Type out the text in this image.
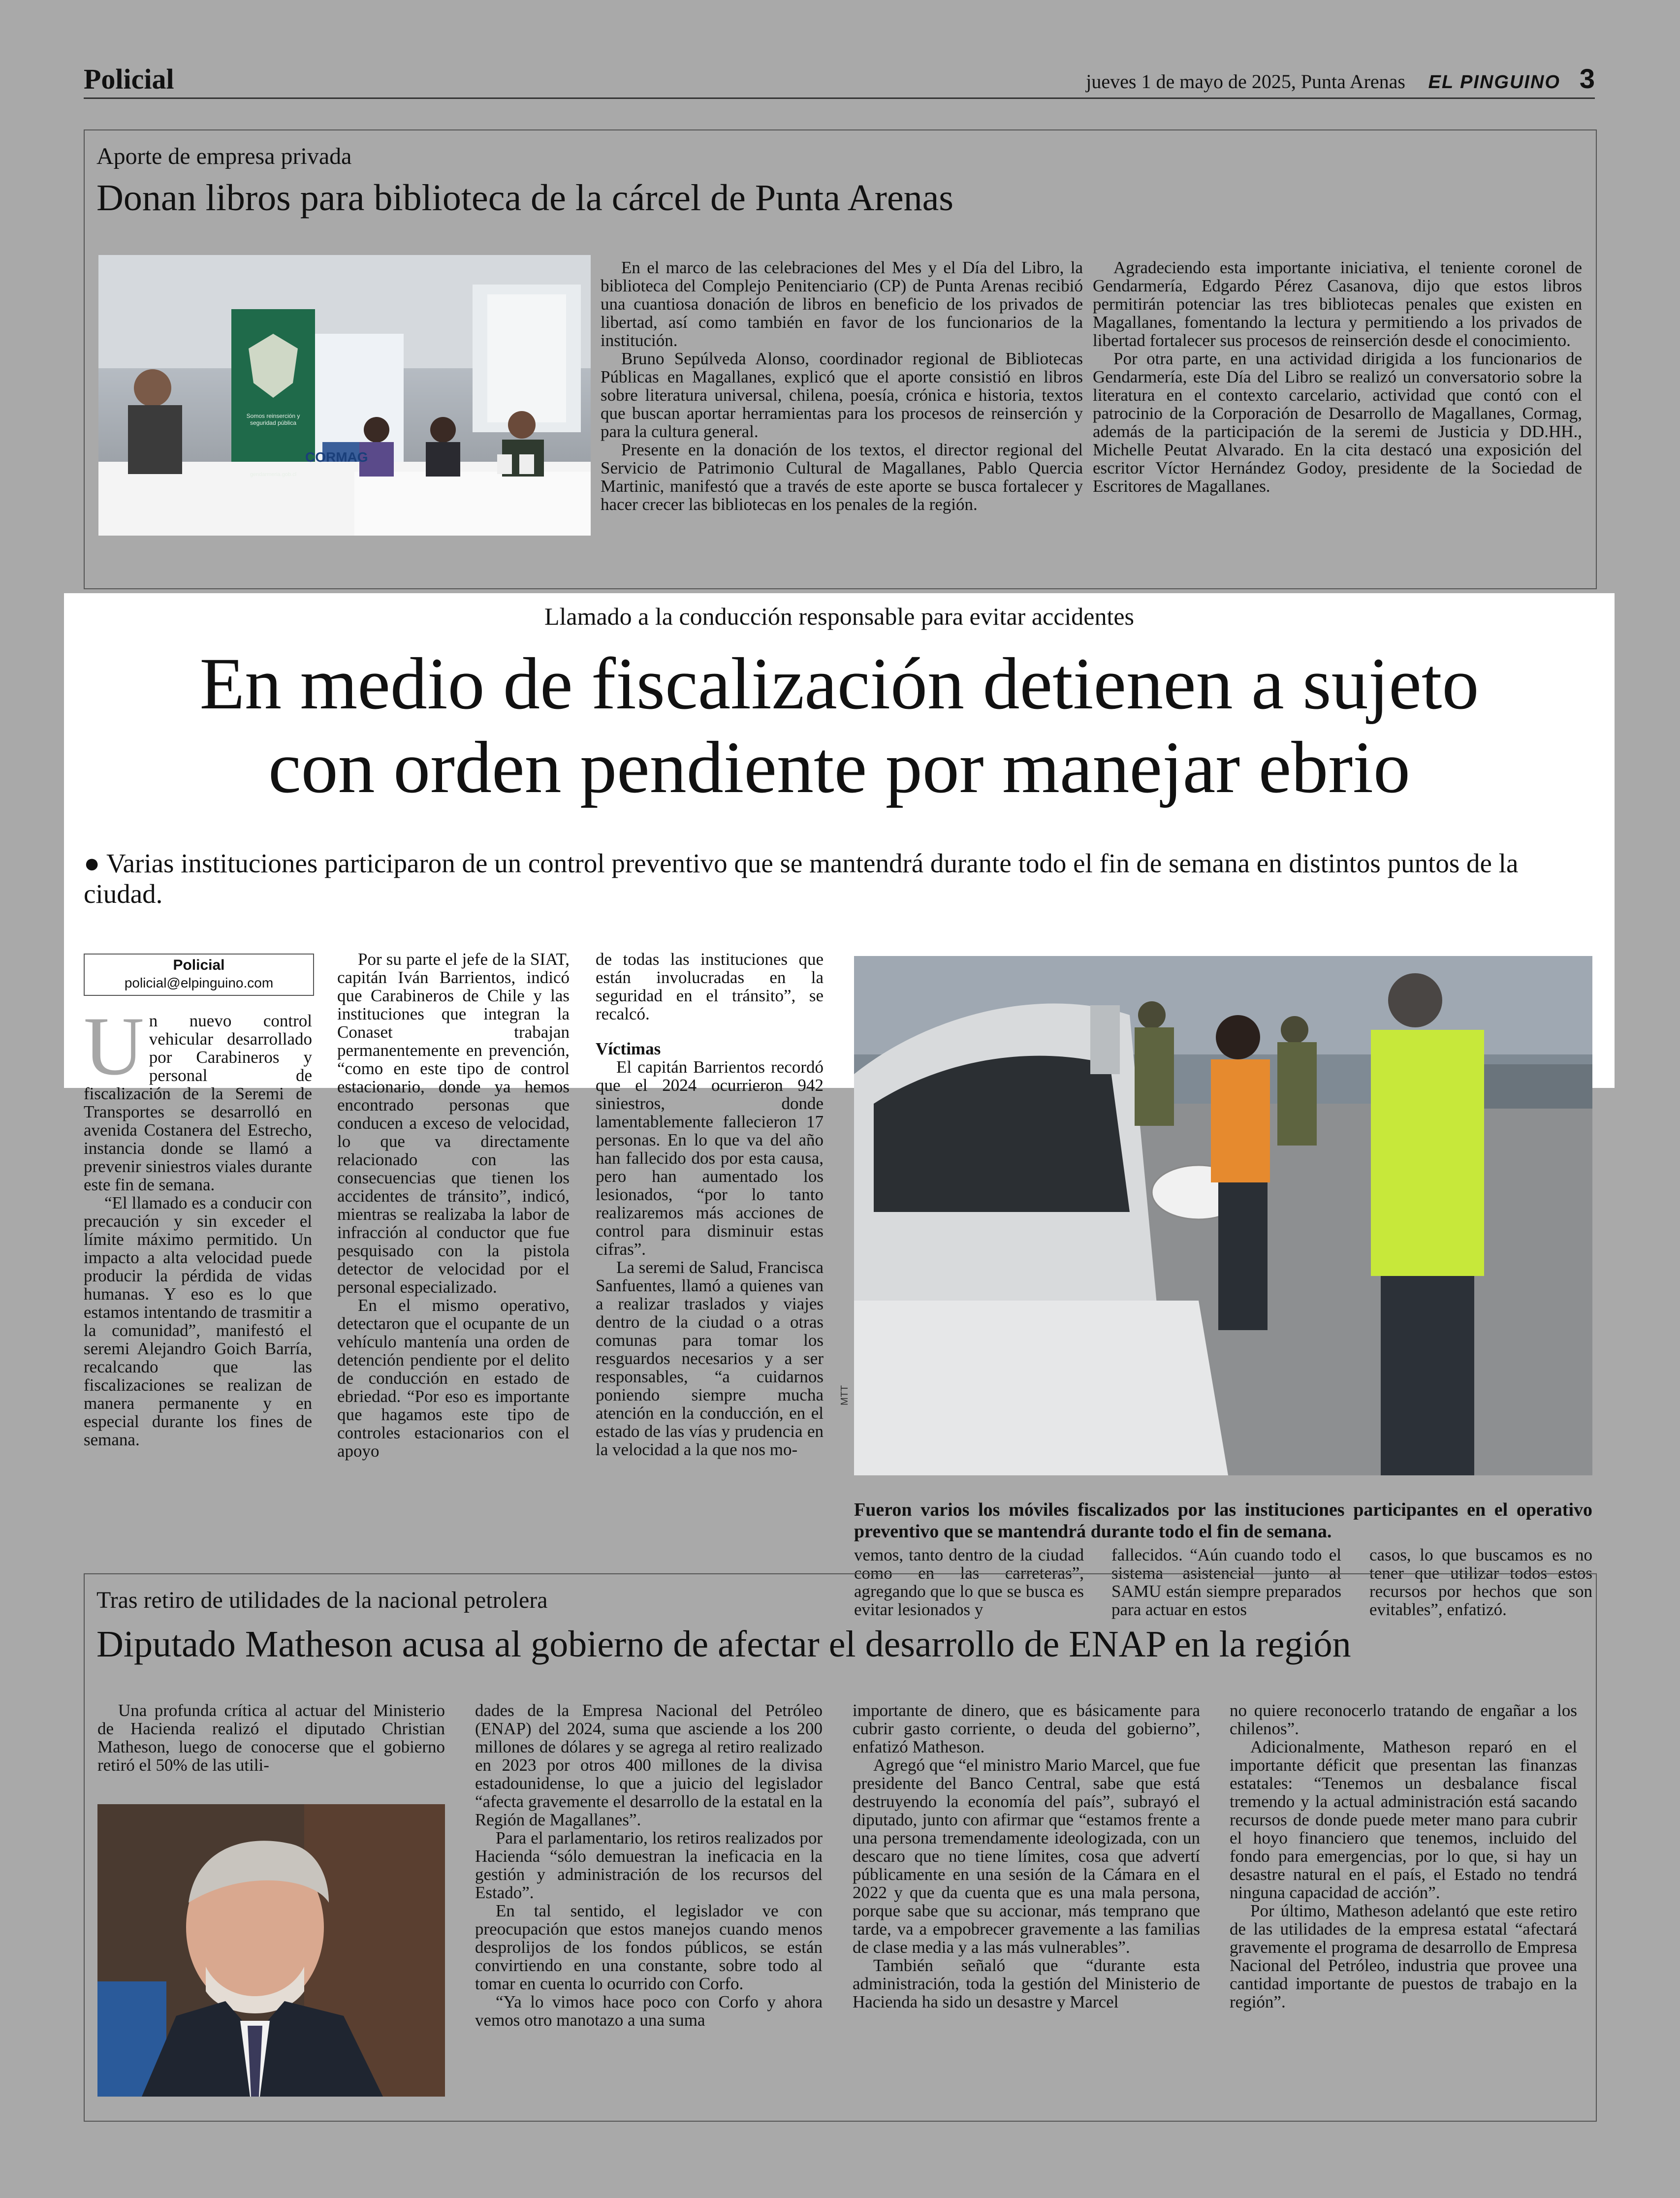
Policial	jueves 1 de mayo de 2025, Punta Arenas EL PINGUINO 3
Aporte de empresa privada
Donan libros para biblioteca de la cárcel de Punta Arenas
Somos reinserción y seguridad pública
gendarmeria.gob.cl
CORMAG

En el marco de las celebraciones del Mes y el Día del Libro, la biblioteca del Complejo Penitenciario (CP) de Punta Arenas recibió una cuantiosa donación de libros en beneficio de los privados de libertad, así como también en favor de los funcionarios de la institución.

Bruno Sepúlveda Alonso, coordinador regional de Bibliotecas Públicas en Magallanes, explicó que el aporte consistió en libros sobre literatura universal, chilena, poesía, crónica e historia, textos que buscan aportar herramientas para los procesos de reinserción y para la cultura general.

Presente en la donación de los textos, el director regional del Servicio de Patrimonio Cultural de Magallanes, Pablo Quercia Martinic, manifestó que a través de este aporte se busca fortalecer y hacer crecer las bibliotecas en los penales de la región.

Agradeciendo esta importante iniciativa, el teniente coronel de Gendarmería, Edgardo Pérez Casanova, dijo que estos libros permitirán potenciar las tres bibliotecas penales que existen en Magallanes, fomentando la lectura y permitiendo a los privados de libertad fortalecer sus procesos de reinserción desde el conocimiento.

Por otra parte, en una actividad dirigida a los funcionarios de Gendarmería, este Día del Libro se realizó un conversatorio sobre la literatura en el contexto carcelario, actividad que contó con el patrocinio de la Corporación de Desarrollo de Magallanes, Cormag, además de la participación de la seremi de Justicia y DD.HH., Michelle Peutat Alvarado. En la cita destacó una exposición del escritor Víctor Hernández Godoy, presidente de la Sociedad de Escritores de Magallanes.

Llamado a la conducción responsable para evitar accidentes
En medio de fiscalización detienen a sujeto
con orden pendiente por manejar ebrio
● Varias instituciones participaron de un control preventivo que se mantendrá durante todo el fin de semana en distintos puntos de la ciudad.
Policial
policial@elpinguino.com

Un nuevo control vehicular desarrollado por Carabineros y personal de fiscalización de la Seremi de Transportes se desarrolló en avenida Costanera del Estrecho, instancia donde se llamó a prevenir siniestros viales durante este fin de semana.

“El llamado es a conducir con precaución y sin exceder el límite máximo permitido. Un impacto a alta velocidad puede producir la pérdida de vidas humanas. Y eso es lo que estamos intentando de trasmitir a la comunidad”, manifestó el seremi Alejandro Goich Barría, recalcando que las fiscalizaciones se realizan de manera permanente y en especial durante los fines de semana.

Por su parte el jefe de la SIAT, capitán Iván Barrientos, indicó que Carabineros de Chile y las instituciones que integran la Conaset trabajan permanentemente en prevención, “como en este tipo de control estacionario, donde ya hemos encontrado personas que conducen a exceso de velocidad, lo que va directamente relacionado con las consecuencias que tienen los accidentes de tránsito”, indicó, mientras se realizaba la labor de infracción al conductor que fue pesquisado con la pistola detector de velocidad por el personal especializado.

En el mismo operativo, detectaron que el ocupante de un vehículo mantenía una orden de detención pendiente por el delito de conducción en estado de ebriedad. “Por eso es importante que hagamos este tipo de controles estacionarios con el apoyo

de todas las instituciones que están involucradas en la seguridad en el tránsito”, se recalcó.

Víctimas

El capitán Barrientos recordó que el 2024 ocurrieron 942 siniestros, donde lamentablemente fallecieron 17 personas. En lo que va del año han fallecido dos por esta causa, pero han aumentado los lesionados, “por lo tanto realizaremos más acciones de control para disminuir estas cifras”.

La seremi de Salud, Francisca Sanfuentes, llamó a quienes van a realizar traslados y viajes dentro de la ciudad o a otras comunas para tomar los resguardos necesarios y a ser responsables, “a cuidarnos poniendo siempre mucha atención en la conducción, en el estado de las vías y prudencia en la velocidad a la que nos mo-

MTT
Fueron varios los móviles fiscalizados por las instituciones participantes en el operativo preventivo que se mantendrá durante todo el fin de semana.

vemos, tanto dentro de la ciudad como en las carreteras”, agregando que lo que se busca es evitar lesionados y

fallecidos. “Aún cuando todo el sistema asistencial junto al SAMU están siempre preparados para actuar en estos

casos, lo que buscamos es no tener que utilizar todos estos recursos por hechos que son evitables”, enfatizó.

Tras retiro de utilidades de la nacional petrolera
Diputado Matheson acusa al gobierno de afectar el desarrollo de ENAP en la región

Una profunda crítica al actuar del Ministerio de Hacienda realizó el diputado Christian Matheson, luego de conocerse que el gobierno retiró el 50% de las utili-

dades de la Empresa Nacional del Petróleo (ENAP) del 2024, suma que asciende a los 200 millones de dólares y se agrega al retiro realizado en 2023 por otros 400 millones de la divisa estadounidense, lo que a juicio del legislador “afecta gravemente el desarrollo de la estatal en la Región de Magallanes”.

Para el parlamentario, los retiros realizados por Hacienda “sólo demuestran la ineficacia en la gestión y administración de los recursos del Estado”.

En tal sentido, el legislador ve con preocupación que estos manejos cuando menos desprolijos de los fondos públicos, se están convirtiendo en una constante, sobre todo al tomar en cuenta lo ocurrido con Corfo.

“Ya lo vimos hace poco con Corfo y ahora vemos otro manotazo a una suma

importante de dinero, que es básicamente para cubrir gasto corriente, o deuda del gobierno”, enfatizó Matheson.

Agregó que “el ministro Mario Marcel, que fue presidente del Banco Central, sabe que está destruyendo la economía del país”, subrayó el diputado, junto con afirmar que “estamos frente a una persona tremendamente ideologizada, con un descaro que no tiene límites, cosa que advertí públicamente en una sesión de la Cámara en el 2022 y que da cuenta que es una mala persona, porque sabe que su accionar, más temprano que tarde, va a empobrecer gravemente a las familias de clase media y a las más vulnerables”.

También señaló que “durante esta administración, toda la gestión del Ministerio de Hacienda ha sido un desastre y Marcel

no quiere reconocerlo tratando de engañar a los chilenos”.

Adicionalmente, Matheson reparó en el importante déficit que presentan las finanzas estatales: “Tenemos un desbalance fiscal tremendo y la actual administración está sacando recursos de donde puede meter mano para cubrir el hoyo financiero que tenemos, incluido del fondo para emergencias, por lo que, si hay un desastre natural en el país, el Estado no tendrá ninguna capacidad de acción”.

Por último, Matheson adelantó que este retiro de las utilidades de la empresa estatal “afectará gravemente el programa de desarrollo de Empresa Nacional del Petróleo, industria que provee una cantidad importante de puestos de trabajo en la región”.
